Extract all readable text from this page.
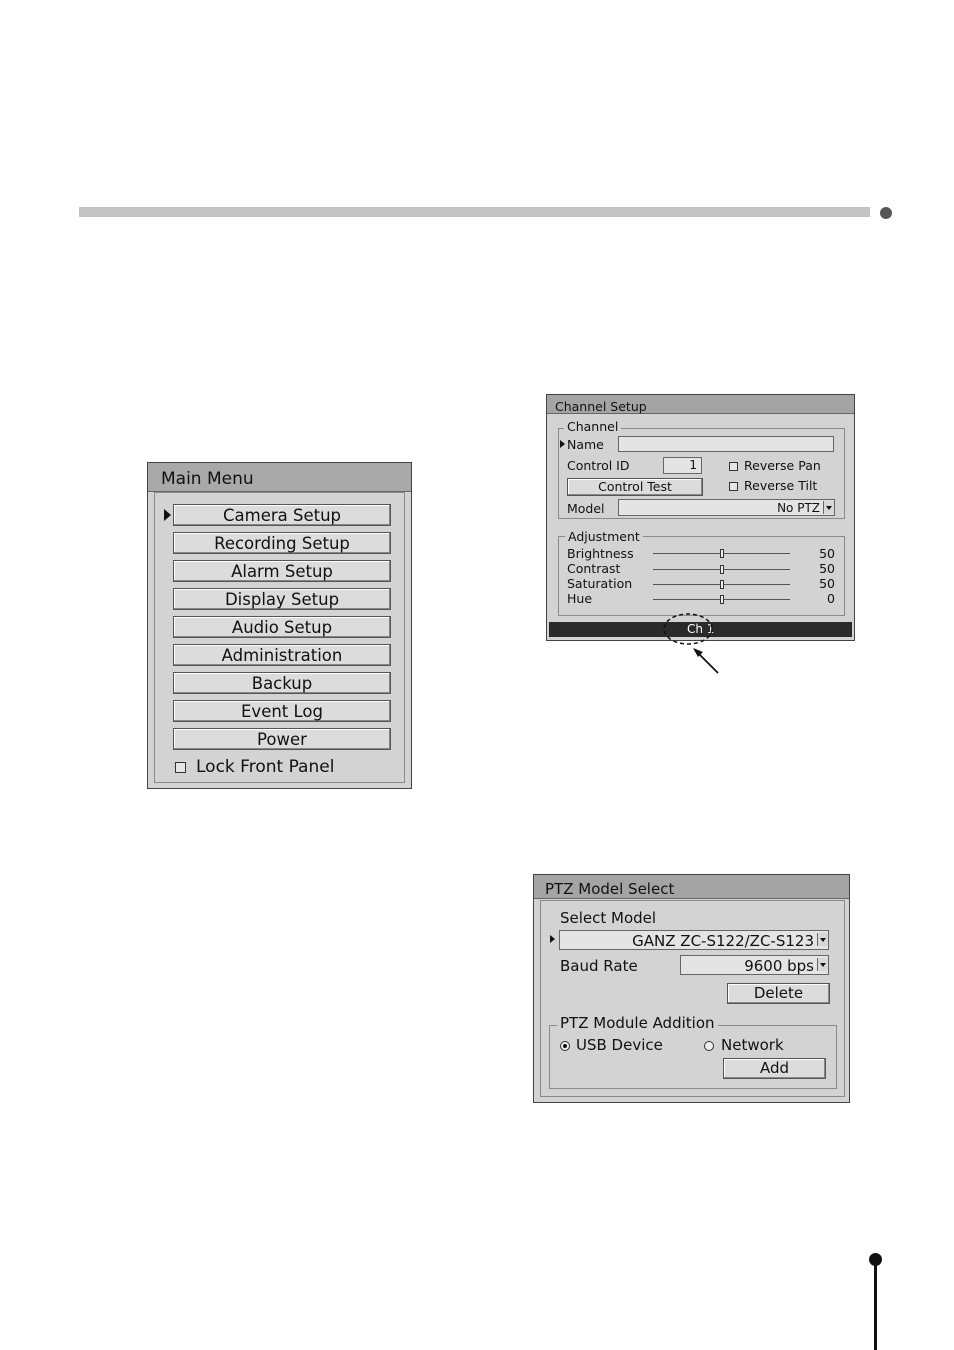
Main Menu
Camera Setup
Recording Setup
Alarm Setup
Display Setup
Audio Setup
Administration
Backup
Event Log
Power
Lock Front Panel
Channel Setup
Channel
Adjustment
Ch 1
Name
Control ID	1	Reverse Pan
Control Test	Reverse Tilt
Model	No PTZ
Brightness	50
Contrast	50
Saturation	50
Hue	0
PTZ Model Select
PTZ Module Addition
Select Model
GANZ ZC-S122/ZC-S123
Baud Rate	9600 bps
Delete
USB Device	Network
Add
